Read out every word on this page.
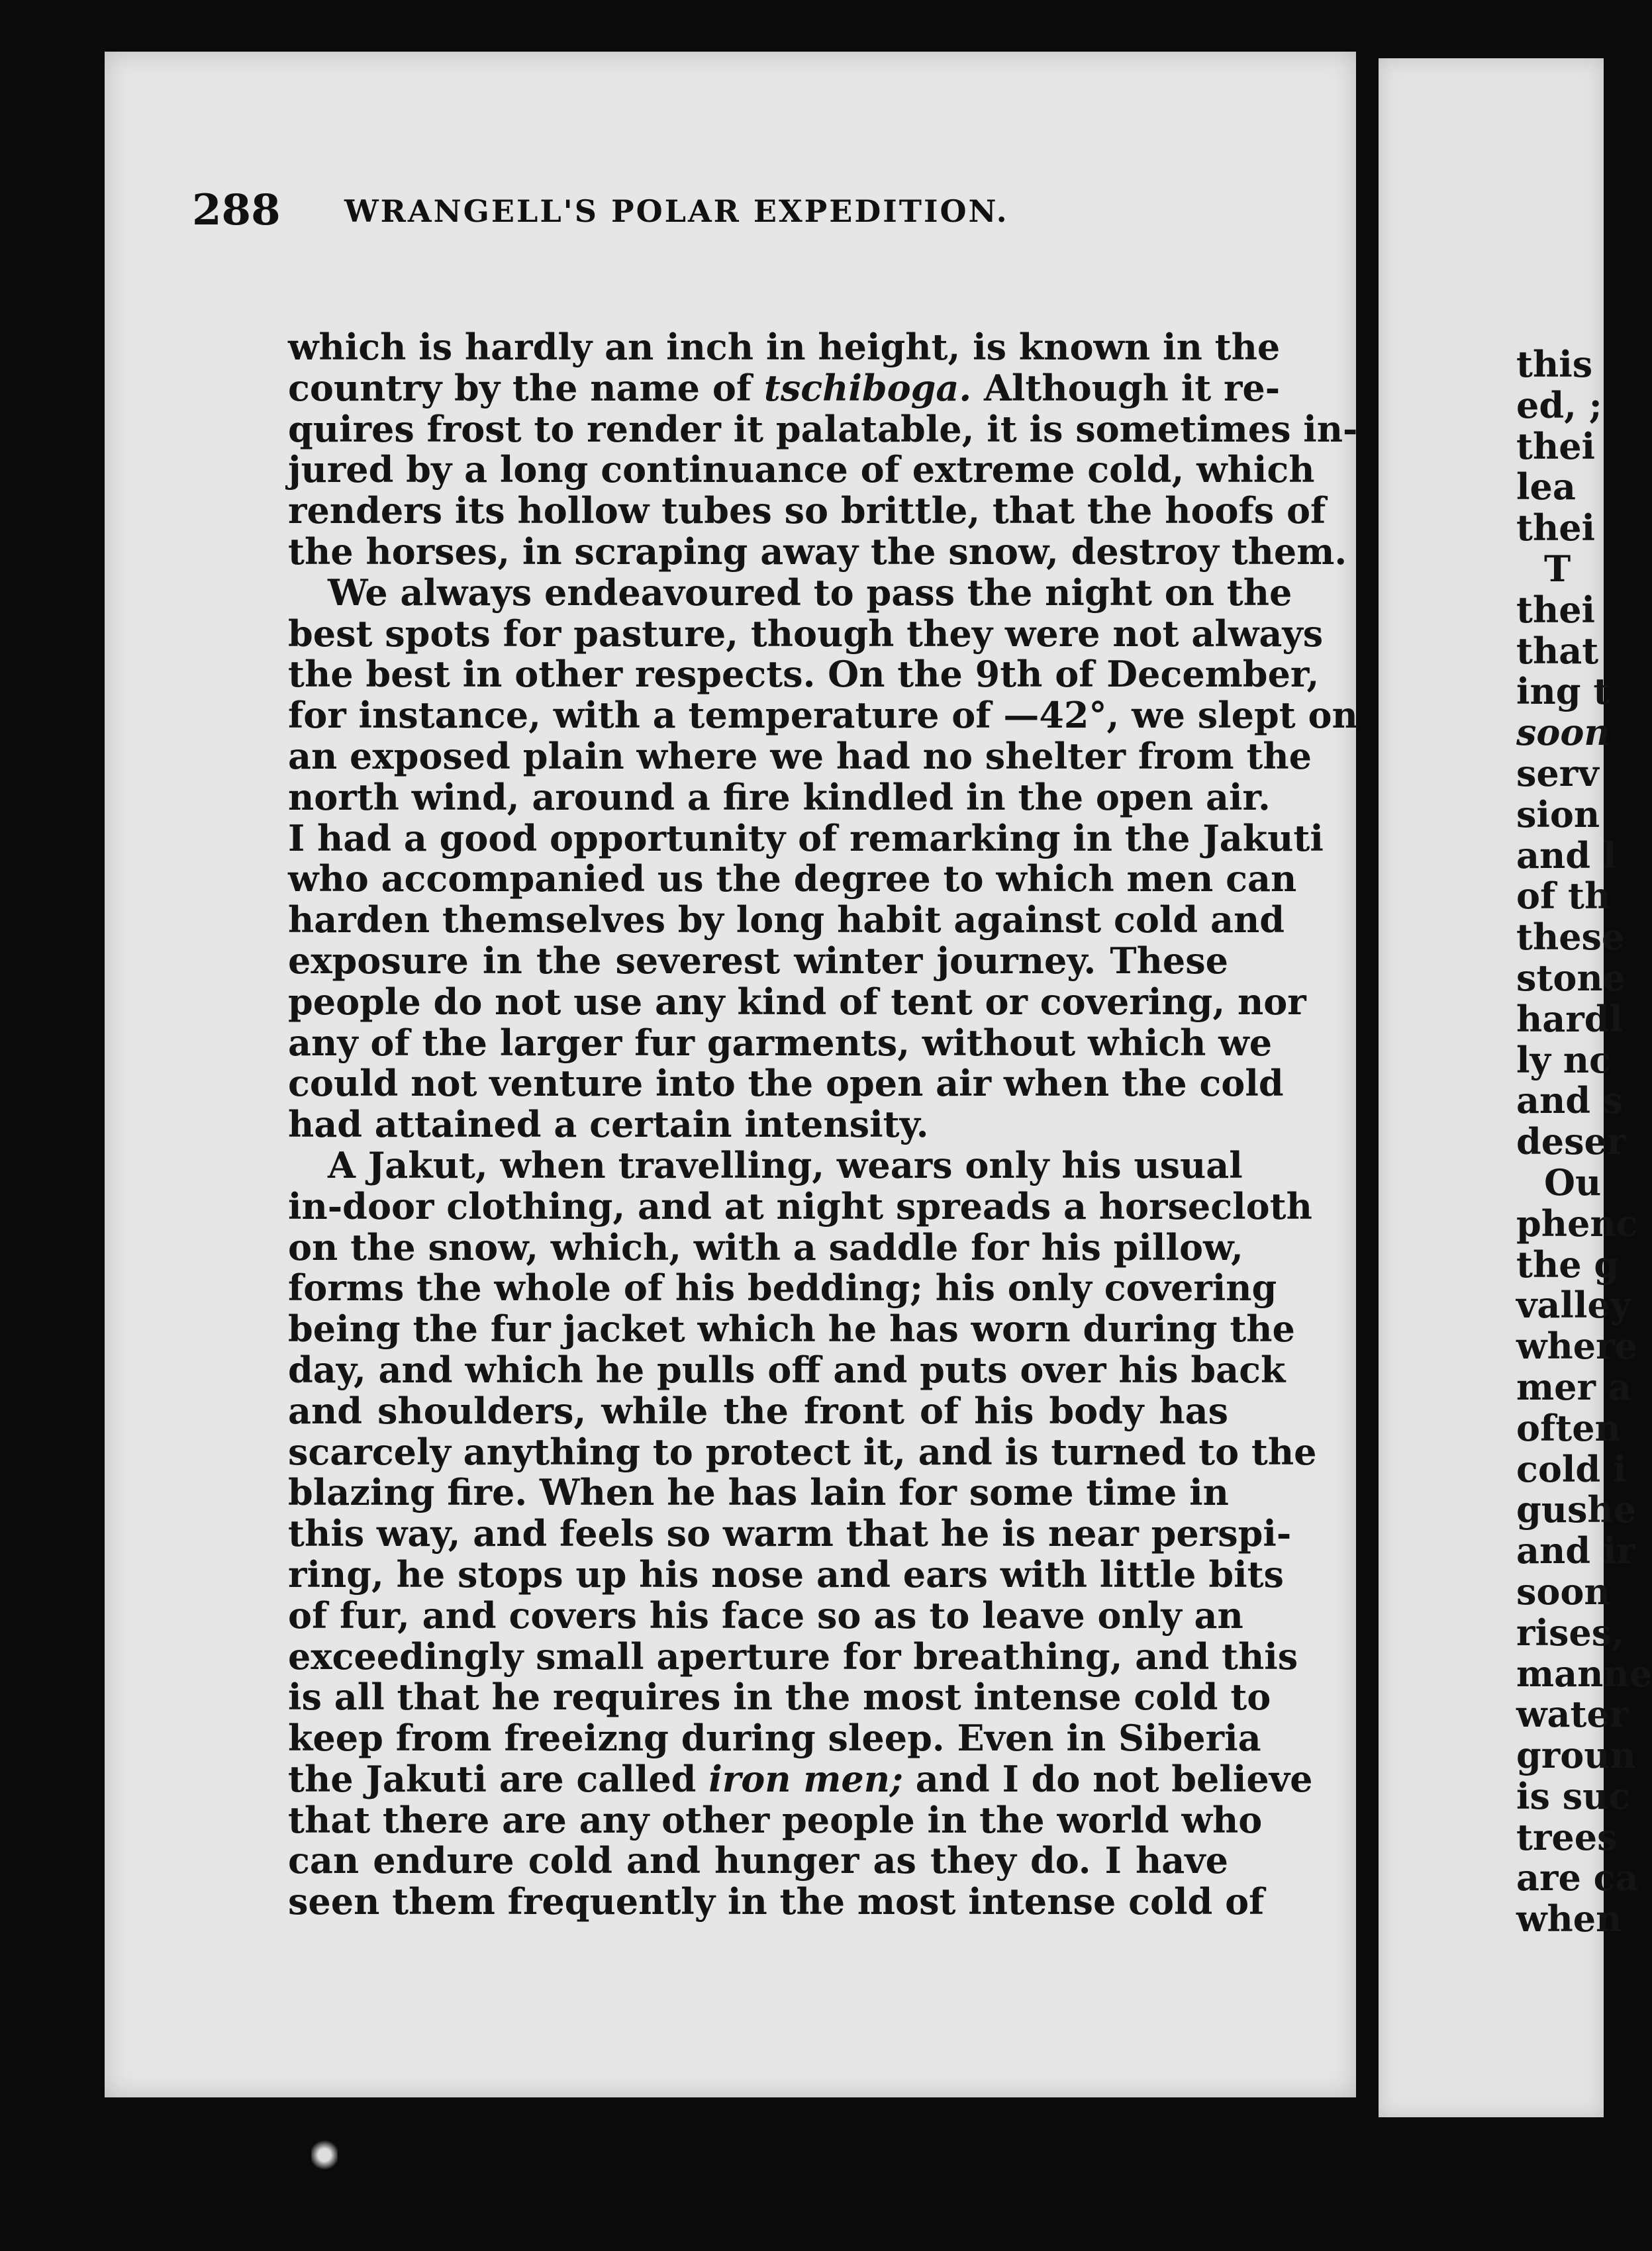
288 WRANGELL'S POLAR EXPEDITION.
which is hardly an inch in height, is known in the
country by the name of tschiboga. Although it re-
quires frost to render it palatable, it is sometimes in-
jured by a long continuance of extreme cold, which
renders its hollow tubes so brittle, that the hoofs of
the horses, in scraping away the snow, destroy them.
We always endeavoured to pass the night on the
best spots for pasture, though they were not always
the best in other respects. On the 9th of December,
for instance, with a temperature of —42°, we slept on
an exposed plain where we had no shelter from the
north wind, around a fire kindled in the open air.
I had a good opportunity of remarking in the Jakuti
who accompanied us the degree to which men can
harden themselves by long habit against cold and
exposure in the severest winter journey. These
people do not use any kind of tent or covering, nor
any of the larger fur garments, without which we
could not venture into the open air when the cold
had attained a certain intensity.
A Jakut, when travelling, wears only his usual
in-door clothing, and at night spreads a horsecloth
on the snow, which, with a saddle for his pillow,
forms the whole of his bedding; his only covering
being the fur jacket which he has worn during the
day, and which he pulls off and puts over his back
and shoulders, while the front of his body has
scarcely anything to protect it, and is turned to the
blazing fire. When he has lain for some time in
this way, and feels so warm that he is near perspi-
ring, he stops up his nose and ears with little bits
of fur, and covers his face so as to leave only an
exceedingly small aperture for breathing, and this
is all that he requires in the most intense cold to
keep from freeizng during sleep. Even in Siberia
the Jakuti are called iron men; and I do not believe
that there are any other people in the world who
can endure cold and hunger as they do. I have
seen them frequently in the most intense cold of
this
ed, ;
thei
lea
thei
T
thei
that
ing t
soon
serv
sion
and l
of th
these
stone
hardl
ly nc
and s
deser
Ou
phenc
the g
valley
where
mer a
often
cold i
gushe
and ir
soon
rises,
manne
water
groun
is suc
trees
are ca
when
